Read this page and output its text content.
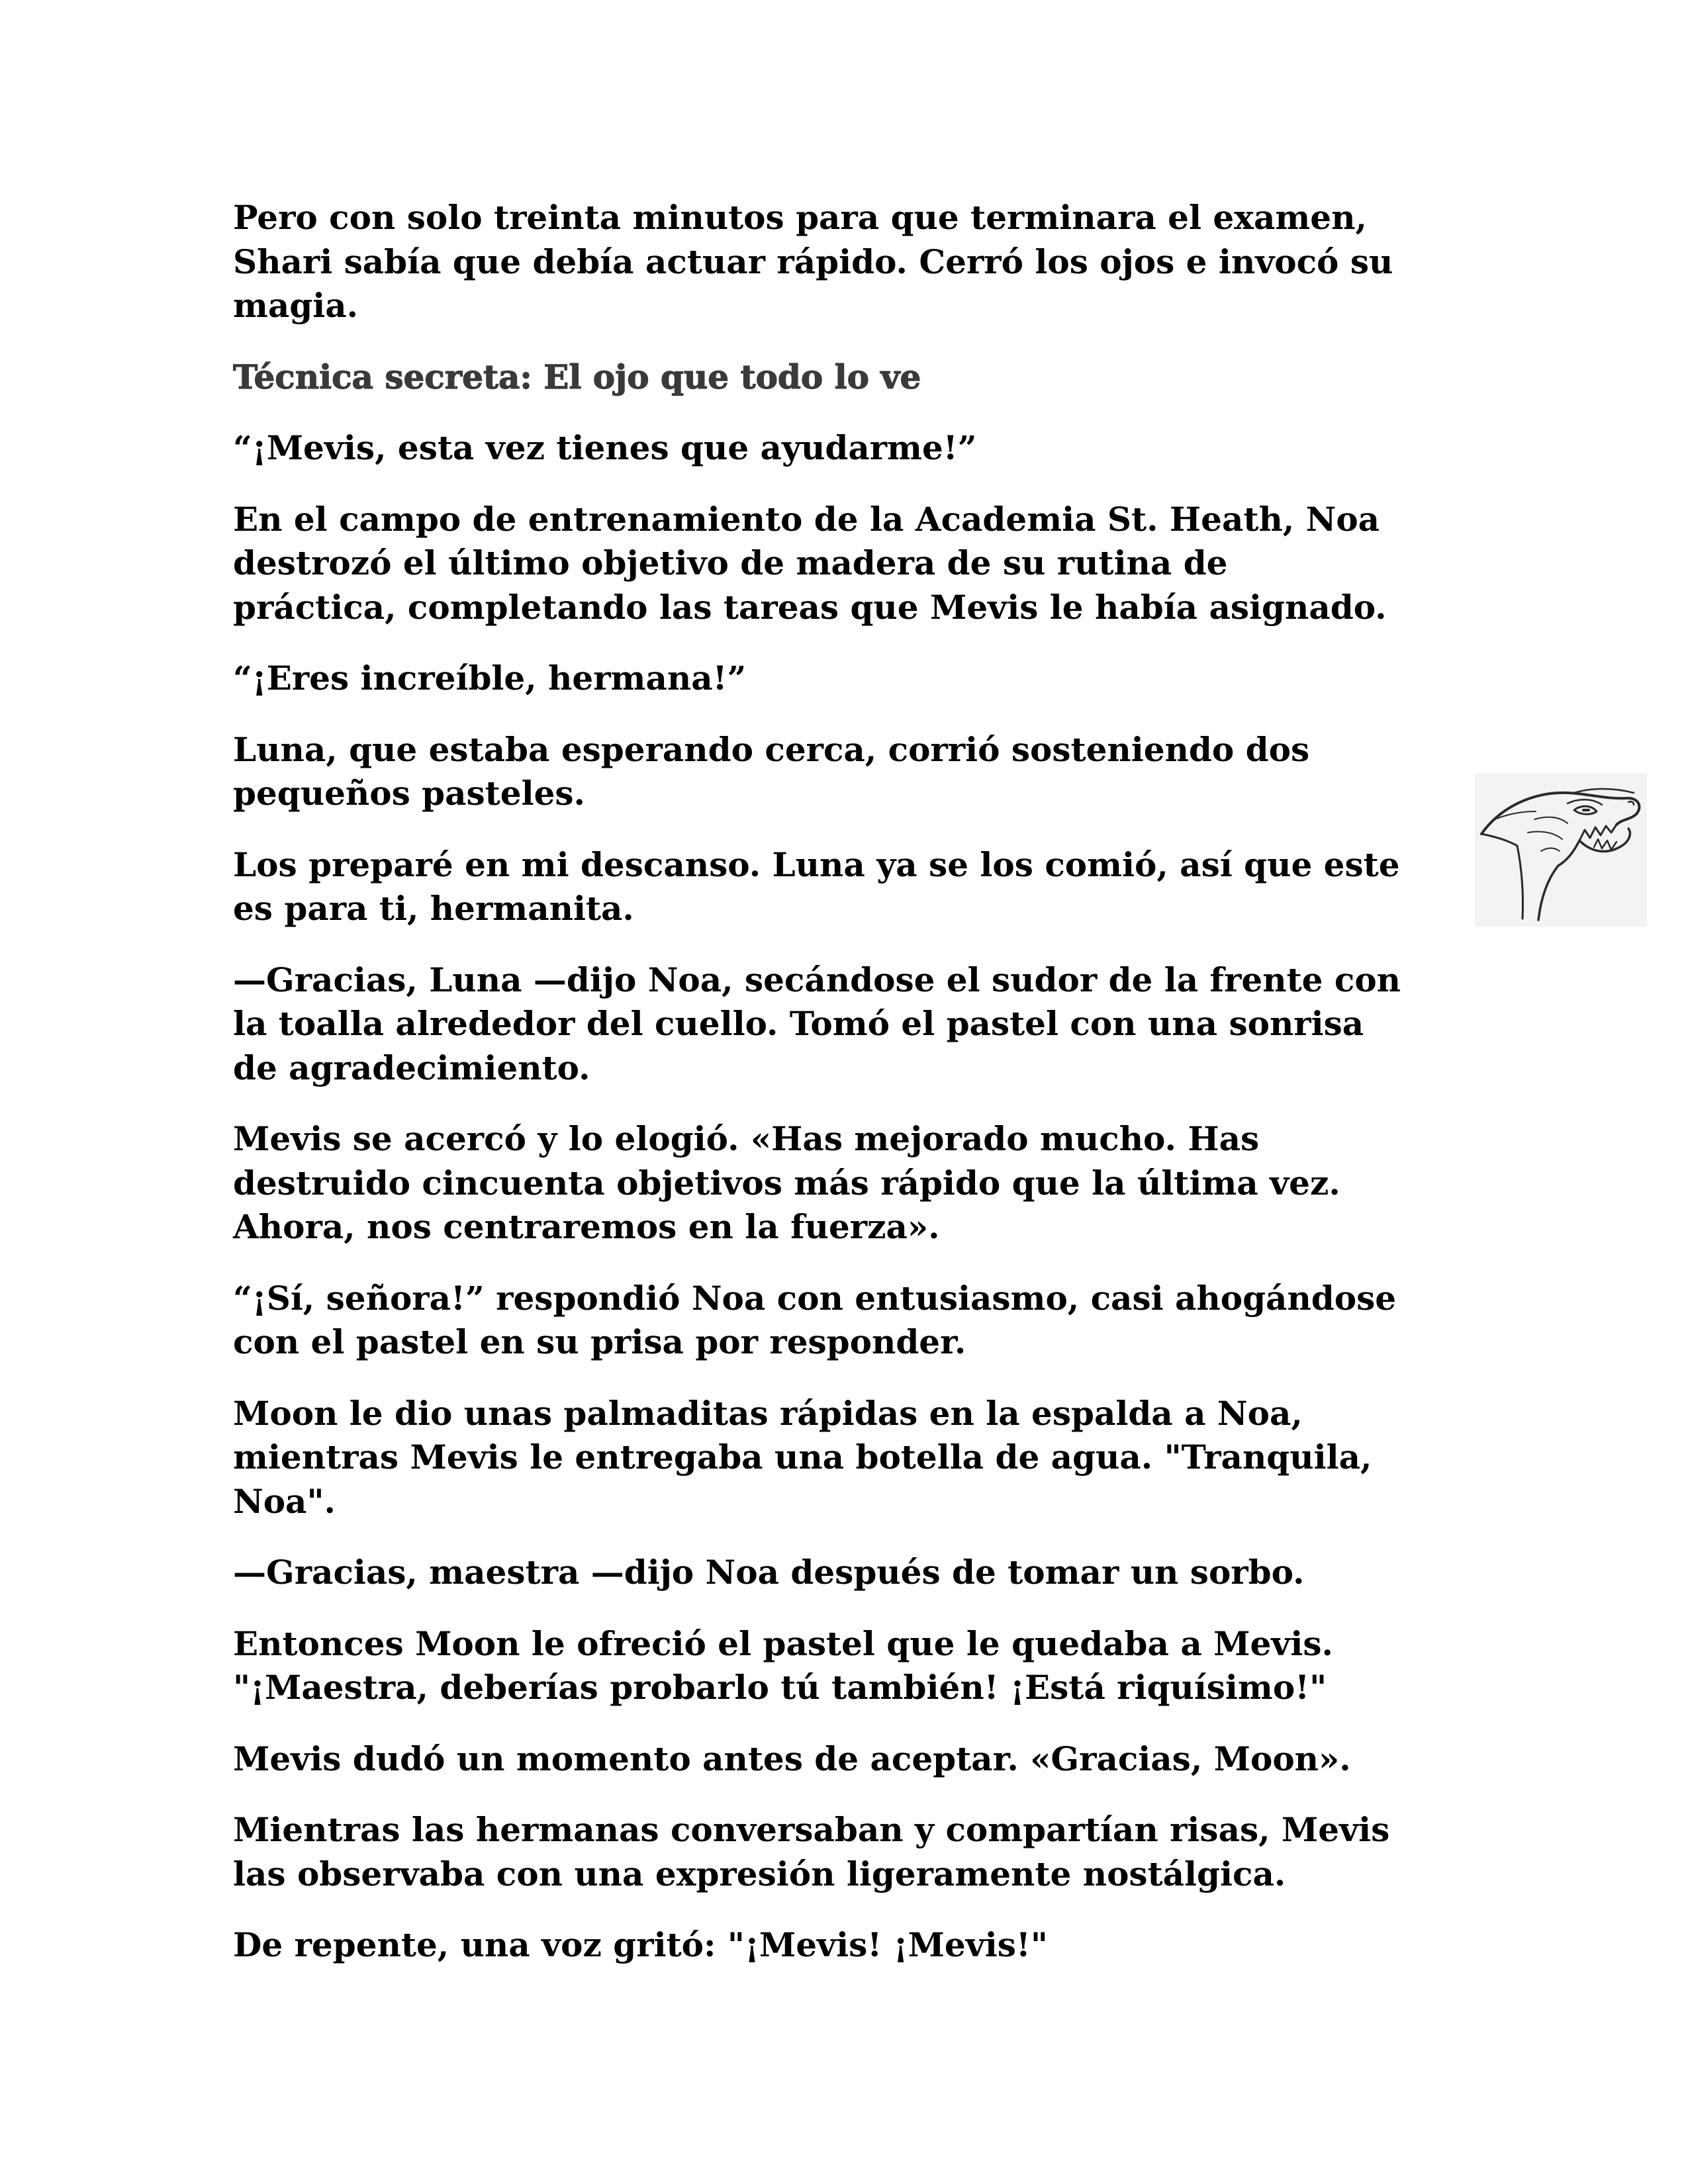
Pero con solo treinta minutos para que terminara el examen,
Shari sabía que debía actuar rápido. Cerró los ojos e invocó su
magia.

Técnica secreta: El ojo que todo lo ve

“¡Mevis, esta vez tienes que ayudarme!”

En el campo de entrenamiento de la Academia St. Heath, Noa
destrozó el último objetivo de madera de su rutina de
práctica, completando las tareas que Mevis le había asignado.

“¡Eres increíble, hermana!”

Luna, que estaba esperando cerca, corrió sosteniendo dos
pequeños pasteles.

Los preparé en mi descanso. Luna ya se los comió, así que este
es para ti, hermanita.

—Gracias, Luna —dijo Noa, secándose el sudor de la frente con
la toalla alrededor del cuello. Tomó el pastel con una sonrisa
de agradecimiento.

Mevis se acercó y lo elogió. «Has mejorado mucho. Has
destruido cincuenta objetivos más rápido que la última vez.
Ahora, nos centraremos en la fuerza».

“¡Sí, señora!” respondió Noa con entusiasmo, casi ahogándose
con el pastel en su prisa por responder.

Moon le dio unas palmaditas rápidas en la espalda a Noa,
mientras Mevis le entregaba una botella de agua. "Tranquila,
Noa".

—Gracias, maestra —dijo Noa después de tomar un sorbo.

Entonces Moon le ofreció el pastel que le quedaba a Mevis.
"¡Maestra, deberías probarlo tú también! ¡Está riquísimo!"

Mevis dudó un momento antes de aceptar. «Gracias, Moon».

Mientras las hermanas conversaban y compartían risas, Mevis
las observaba con una expresión ligeramente nostálgica.

De repente, una voz gritó: "¡Mevis! ¡Mevis!"
